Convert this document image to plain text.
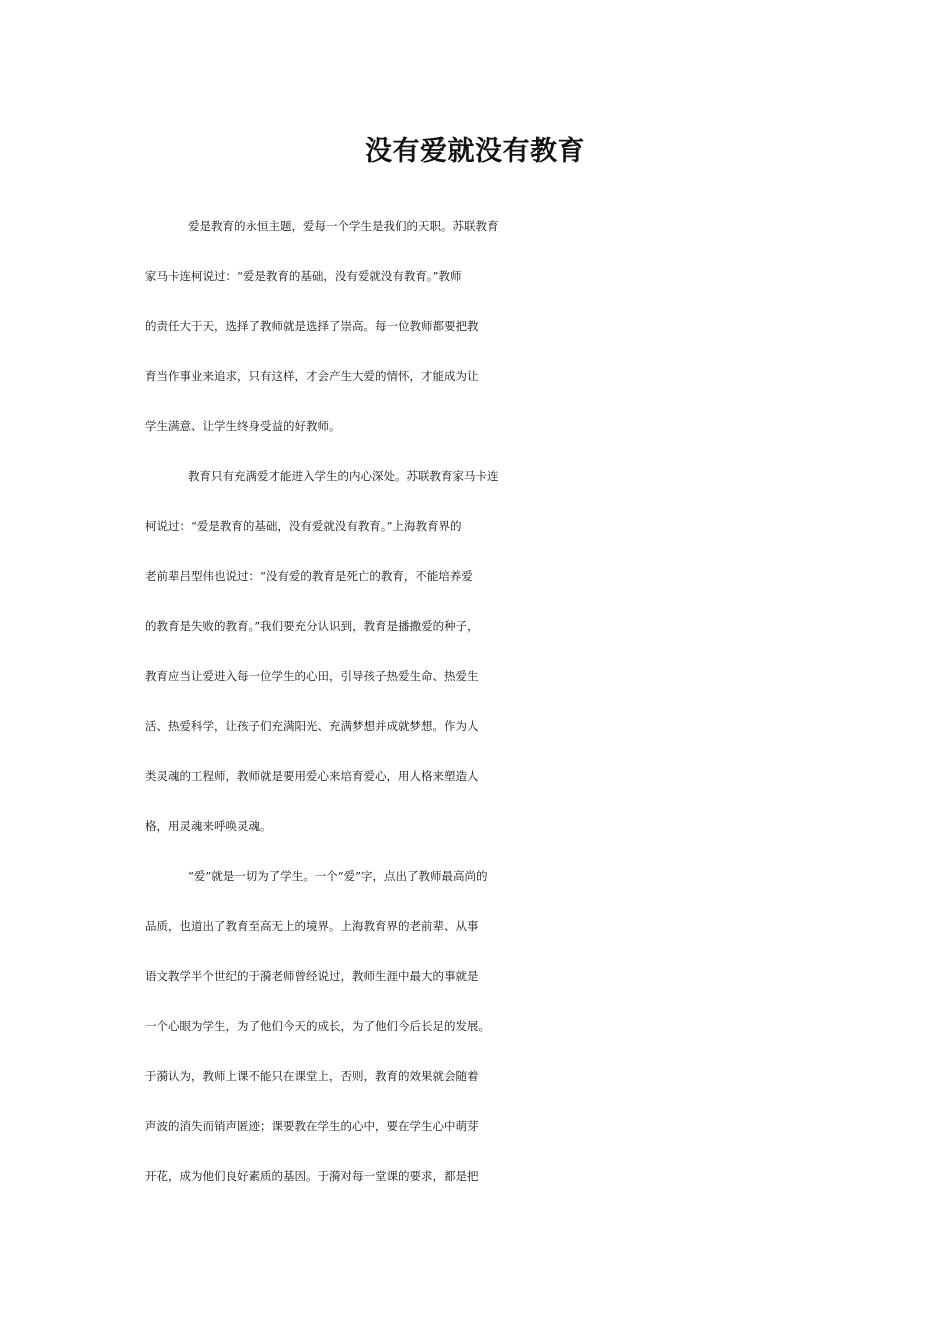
没有爱就没有教育
爱是教育的永恒主题，爱每一个学生是我们的天职。苏联教育
家马卡连柯说过：“爱是教育的基础，没有爱就没有教育。”教师
的责任大于天，选择了教师就是选择了崇高。每一位教师都要把教
育当作事业来追求，只有这样，才会产生大爱的情怀，才能成为让
学生满意、让学生终身受益的好教师。
教育只有充满爱才能进入学生的内心深处。苏联教育家马卡连
柯说过：“爱是教育的基础，没有爱就没有教育。”上海教育界的
老前辈吕型伟也说过：“没有爱的教育是死亡的教育，不能培养爱
的教育是失败的教育。”我们要充分认识到，教育是播撒爱的种子，
教育应当让爱进入每一位学生的心田，引导孩子热爱生命、热爱生
活、热爱科学，让孩子们充满阳光、充满梦想并成就梦想。作为人
类灵魂的工程师，教师就是要用爱心来培育爱心，用人格来塑造人
格，用灵魂来呼唤灵魂。
“爱”就是一切为了学生。一个“爱”字，点出了教师最高尚的
品质，也道出了教育至高无上的境界。上海教育界的老前辈、从事
语文教学半个世纪的于漪老师曾经说过，教师生涯中最大的事就是
一个心眼为学生，为了他们今天的成长，为了他们今后长足的发展。
于漪认为，教师上课不能只在课堂上，否则，教育的效果就会随着
声波的消失而销声匿迹；课要教在学生的心中，要在学生心中萌芽
开花，成为他们良好素质的基因。于漪对每一堂课的要求，都是把
